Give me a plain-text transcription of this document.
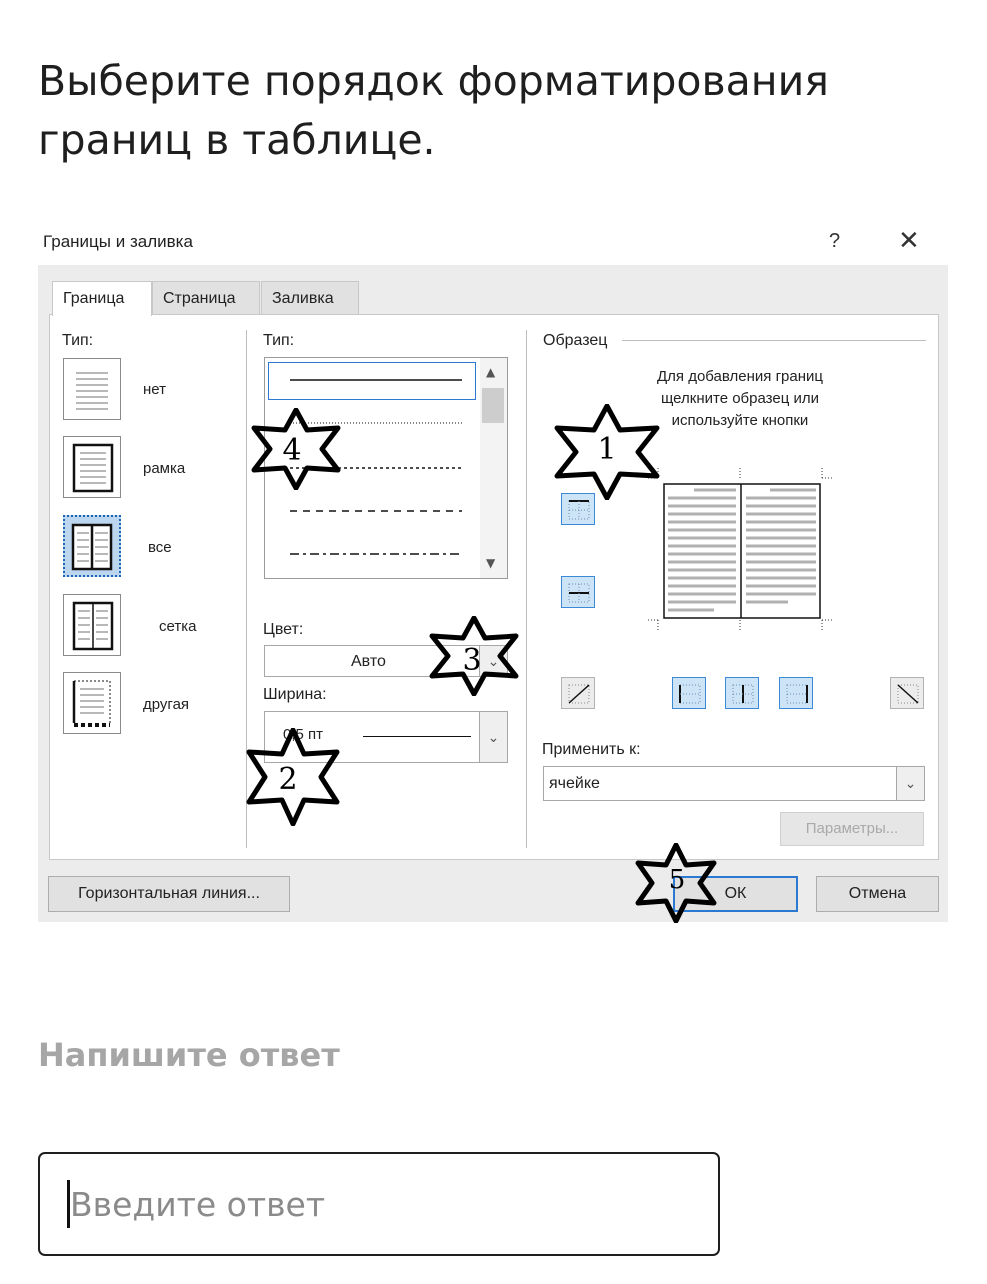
Выберите порядок форматирования границ в таблице.
Границы и заливка	? ✕
Граница	Страница	Заливка
Тип:
нет
рамка
все
сетка
другая
Тип:
▲
▼
Цвет:
Авто	⌄
Ширина:
0,5 пт	⌄
Образец
Для добавления границ щелкните образец или используйте кнопки
Применить к:
ячейке	⌄
Параметры...
Горизонтальная линия...	ОК	Отмена
1
2
3
4
5
Напишите ответ
Введите ответ
